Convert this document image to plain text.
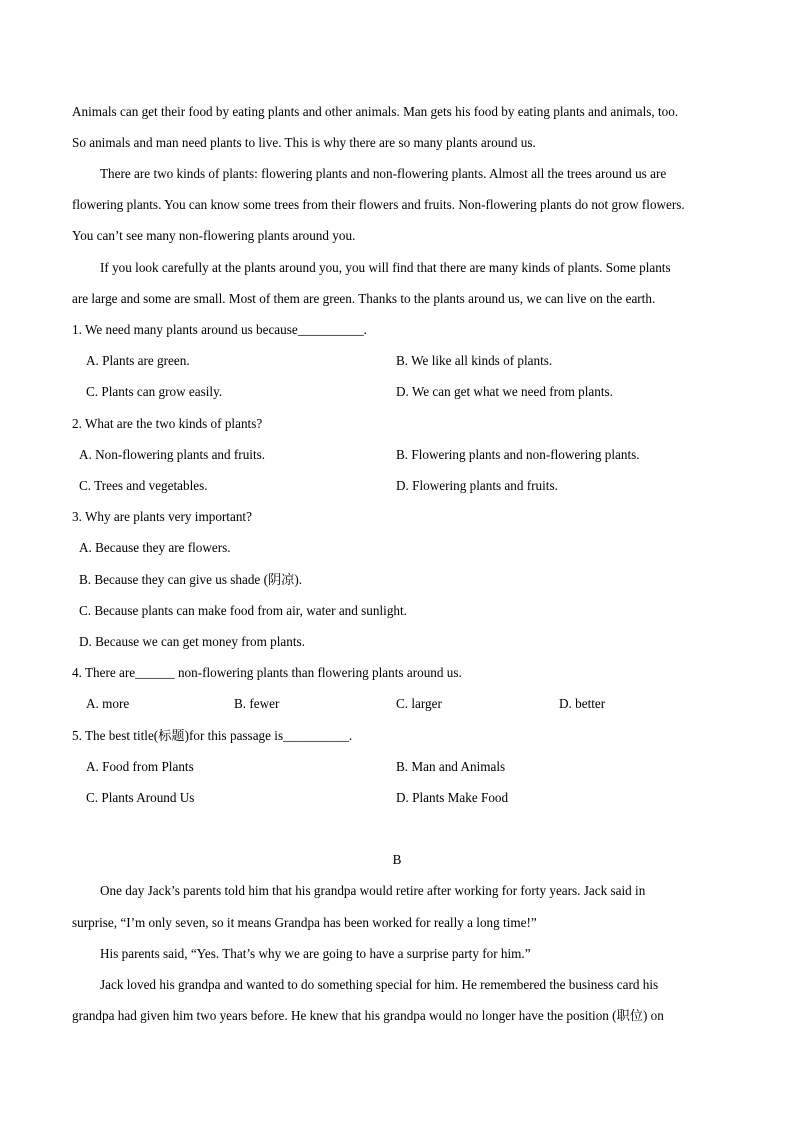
Animals can get their food by eating plants and other animals. Man gets his food by eating plants and animals, too.
So animals and man need plants to live. This is why there are so many plants around us.
There are two kinds of plants: flowering plants and non-flowering plants. Almost all the trees around us are
flowering plants. You can know some trees from their flowers and fruits. Non-flowering plants do not grow flowers.
You can’t see many non-flowering plants around you.
If you look carefully at the plants around you, you will find that there are many kinds of plants. Some plants
are large and some are small. Most of them are green. Thanks to the plants around us, we can live on the earth.
1. We need many plants around us because__________.
A. Plants are green.	B. We like all kinds of plants.
C. Plants can grow easily.	D. We can get what we need from plants.
2. What are the two kinds of plants?
A. Non-flowering plants and fruits.	B. Flowering plants and non-flowering plants.
C. Trees and vegetables.	D. Flowering plants and fruits.
3. Why are plants very important?
A. Because they are flowers.
B. Because they can give us shade (阴凉).
C. Because plants can make food from air, water and sunlight.
D. Because we can get money from plants.
4. There are______ non-flowering plants than flowering plants around us.
A. more	B. fewer	C. larger	D. better
5. The best title(标题)for this passage is__________.
A. Food from Plants	B. Man and Animals
C. Plants Around Us	D. Plants Make Food
B
One day Jack’s parents told him that his grandpa would retire after working for forty years. Jack said in
surprise, “I’m only seven, so it means Grandpa has been worked for really a long time!”
His parents said, “Yes. That’s why we are going to have a surprise party for him.”
Jack loved his grandpa and wanted to do something special for him. He remembered the business card his
grandpa had given him two years before. He knew that his grandpa would no longer have the position (职位) on
